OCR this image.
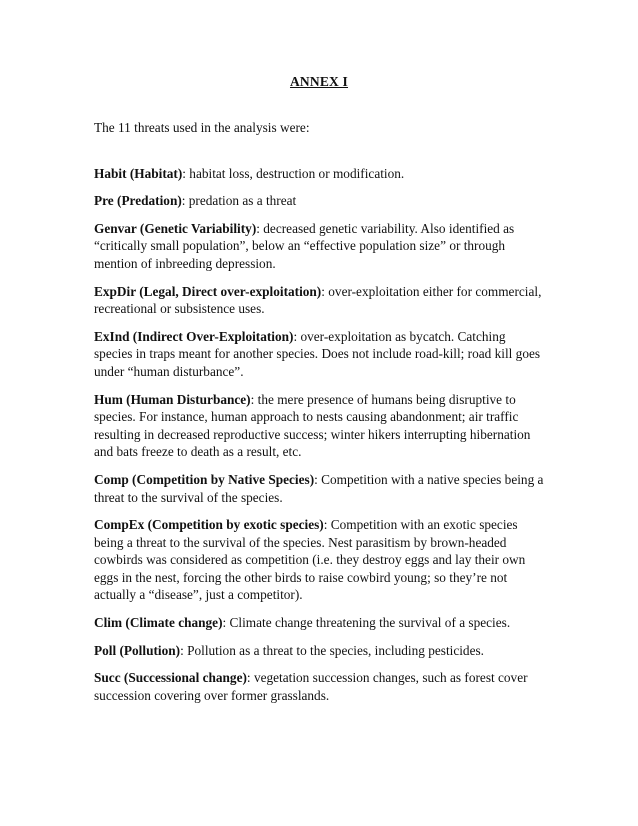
ANNEX I

The 11 threats used in the analysis were:

Habit (Habitat): habitat loss, destruction or modification.

Pre (Predation): predation as a threat

Genvar (Genetic Variability): decreased genetic variability. Also identified as “critically small population”, below an “effective population size” or through mention of inbreeding depression.

ExpDir (Legal, Direct over-exploitation): over-exploitation either for commercial, recreational or subsistence uses.

ExInd (Indirect Over-Exploitation): over-exploitation as bycatch. Catching species in traps meant for another species. Does not include road-kill; road kill goes under “human disturbance”.

Hum (Human Disturbance): the mere presence of humans being disruptive to species. For instance, human approach to nests causing abandonment; air traffic resulting in decreased reproductive success; winter hikers interrupting hibernation and bats freeze to death as a result, etc.

Comp (Competition by Native Species): Competition with a native species being a threat to the survival of the species.

CompEx (Competition by exotic species): Competition with an exotic species being a threat to the survival of the species. Nest parasitism by brown-headed cowbirds was considered as competition (i.e. they destroy eggs and lay their own eggs in the nest, forcing the other birds to raise cowbird young; so they’re not actually a “disease”, just a competitor).

Clim (Climate change): Climate change threatening the survival of a species.

Poll (Pollution): Pollution as a threat to the species, including pesticides.

Succ (Successional change): vegetation succession changes, such as forest cover succession covering over former grasslands.
